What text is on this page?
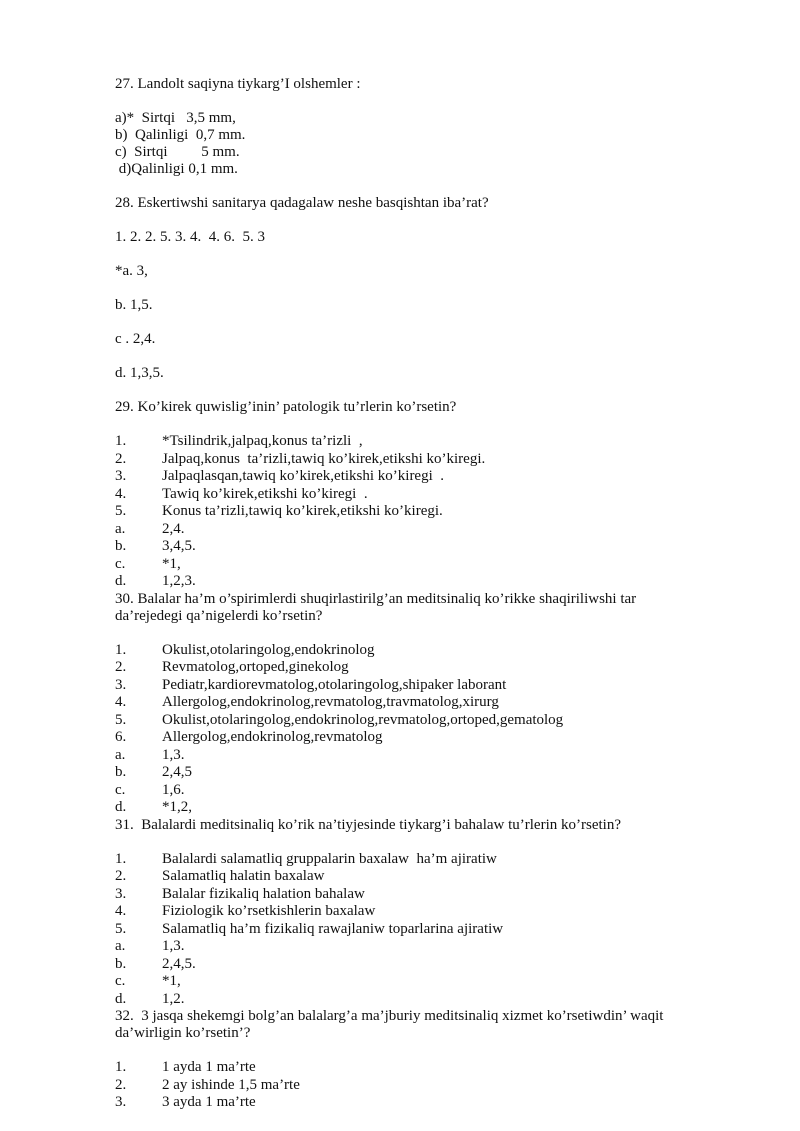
27. Landolt saqiyna tiykarg’I olshemler :

a)*  Sirtqi   3,5 mm,
b)  Qalinligi  0,7 mm.
c)  Sirtqi         5 mm.
d)Qalinligi 0,1 mm.

28. Eskertiwshi sanitarya qadagalaw neshe basqishtan iba’rat?

1. 2. 2. 5. 3. 4.  4. 6.  5. 3
*a. 3,
b. 1,5.
c . 2,4.
d. 1,3,5.

29. Ko’kirek quwislig’inin’ patologik tu’rlerin ko’rsetin?

1.	*Tsilindrik,jalpaq,konus ta’rizli  ,
2.	Jalpaq,konus  ta’rizli,tawiq ko’kirek,etikshi ko’kiregi.
3.	Jalpaqlasqan,tawiq ko’kirek,etikshi ko’kiregi  .
4.	Tawiq ko’kirek,etikshi ko’kiregi  .
5.	Konus ta’rizli,tawiq ko’kirek,etikshi ko’kiregi.
a.	2,4.
b.	3,4,5.
c.	*1,
d.	1,2,3.
30. Balalar ha’m o’spirimlerdi shuqirlastirilg’an meditsinaliq ko’rikke shaqiriliwshi tar
da’rejedegi qa’nigelerdi ko’rsetin?
1.	Okulist,otolaringolog,endokrinolog
2.	Revmatolog,ortoped,ginekolog
3.	Pediatr,kardiorevmatolog,otolaringolog,shipaker laborant
4.	Allergolog,endokrinolog,revmatolog,travmatolog,xirurg
5.	Okulist,otolaringolog,endokrinolog,revmatolog,ortoped,gematolog
6.	Allergolog,endokrinolog,revmatolog
a.	1,3.
b.	2,4,5
c.	1,6.
d.	*1,2,
31.  Balalardi meditsinaliq ko’rik na’tiyjesinde tiykarg’i bahalaw tu’rlerin ko’rsetin?
1.	Balalardi salamatliq gruppalarin baxalaw  ha’m ajiratiw
2.	Salamatliq halatin baxalaw
3.	Balalar fizikaliq halation bahalaw
4.	Fiziologik ko’rsetkishlerin baxalaw
5.	Salamatliq ha’m fizikaliq rawajlaniw toparlarina ajiratiw
a.	1,3.
b.	2,4,5.
c.	*1,
d.	1,2.
32.  3 jasqa shekemgi bolg’an balalarg’a ma’jburiy meditsinaliq xizmet ko’rsetiwdin’ waqit
da’wirligin ko’rsetin’?
1.	1 ayda 1 ma’rte
2.	2 ay ishinde 1,5 ma’rte
3.	3 ayda 1 ma’rte
